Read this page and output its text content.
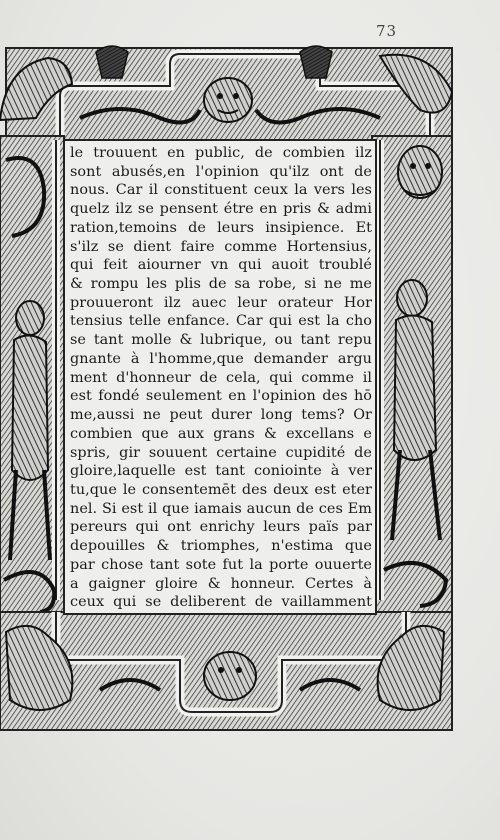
73
le trouuent en public, de combien ilz
sont abusés,en l'opinion qu'ilz ont de
nous. Car il constituent ceux la vers les
quelz ilz se pensent étre en pris & admi
ration,temoins de leurs insipience. Et
s'ilz se dient faire comme Hortensius,
qui feit aiourner vn qui auoit troublé
& rompu les plis de sa robe, si ne me
prouueront ilz auec leur orateur Hor
tensius telle enfance. Car qui est la cho
se tant molle & lubrique, ou tant repu
gnante à l'homme,que demander argu
ment d'honneur de cela, qui comme il
est fondé seulement en l'opinion des hō
me,aussi ne peut durer long tems? Or
combien que aux grans & excellans e
spris, gir souuent certaine cupidité de
gloire,laquelle est tant coniointe à ver
tu,que le consentemēt des deux est eter
nel. Si est il que iamais aucun de ces Em
pereurs qui ont enrichy leurs païs par
depouilles & triomphes, n'estima que
par chose tant sote fut la porte ouuerte
a gaigner gloire & honneur. Certes à
ceux qui se deliberent de vaillamment
